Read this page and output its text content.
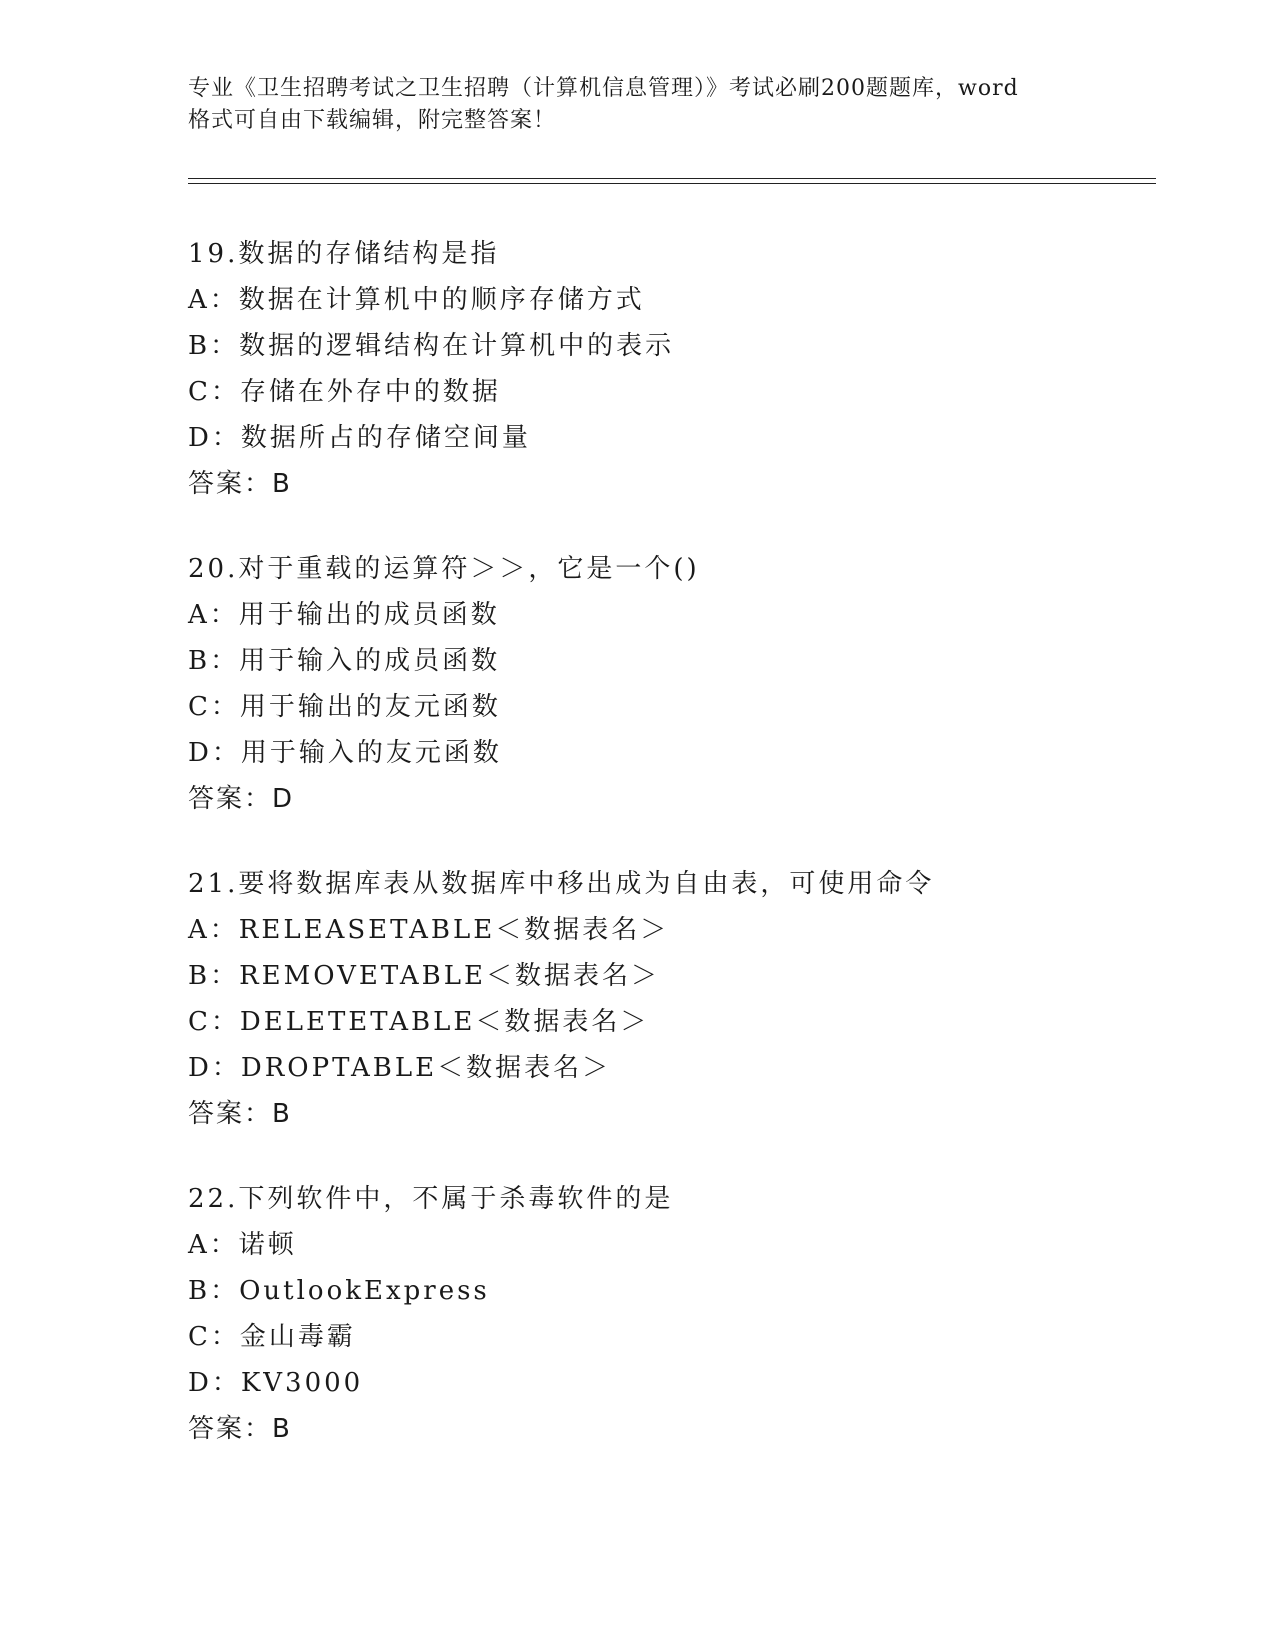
专业《卫生招聘考试之卫生招聘（计算机信息管理）》考试必刷200题题库，word
格式可自由下载编辑，附完整答案！
19.数据的存储结构是指
A：数据在计算机中的顺序存储方式
B：数据的逻辑结构在计算机中的表示
C：存储在外存中的数据
D：数据所占的存储空间量
答案：B
20.对于重载的运算符＞＞，它是一个()
A：用于输出的成员函数
B：用于输入的成员函数
C：用于输出的友元函数
D：用于输入的友元函数
答案：D
21.要将数据库表从数据库中移出成为自由表，可使用命令
A：RELEASETABLE＜数据表名＞
B：REMOVETABLE＜数据表名＞
C：DELETETABLE＜数据表名＞
D：DROPTABLE＜数据表名＞
答案：B
22.下列软件中，不属于杀毒软件的是
A：诺顿
B：OutlookExpress
C：金山毒霸
D：KV3000
答案：B
